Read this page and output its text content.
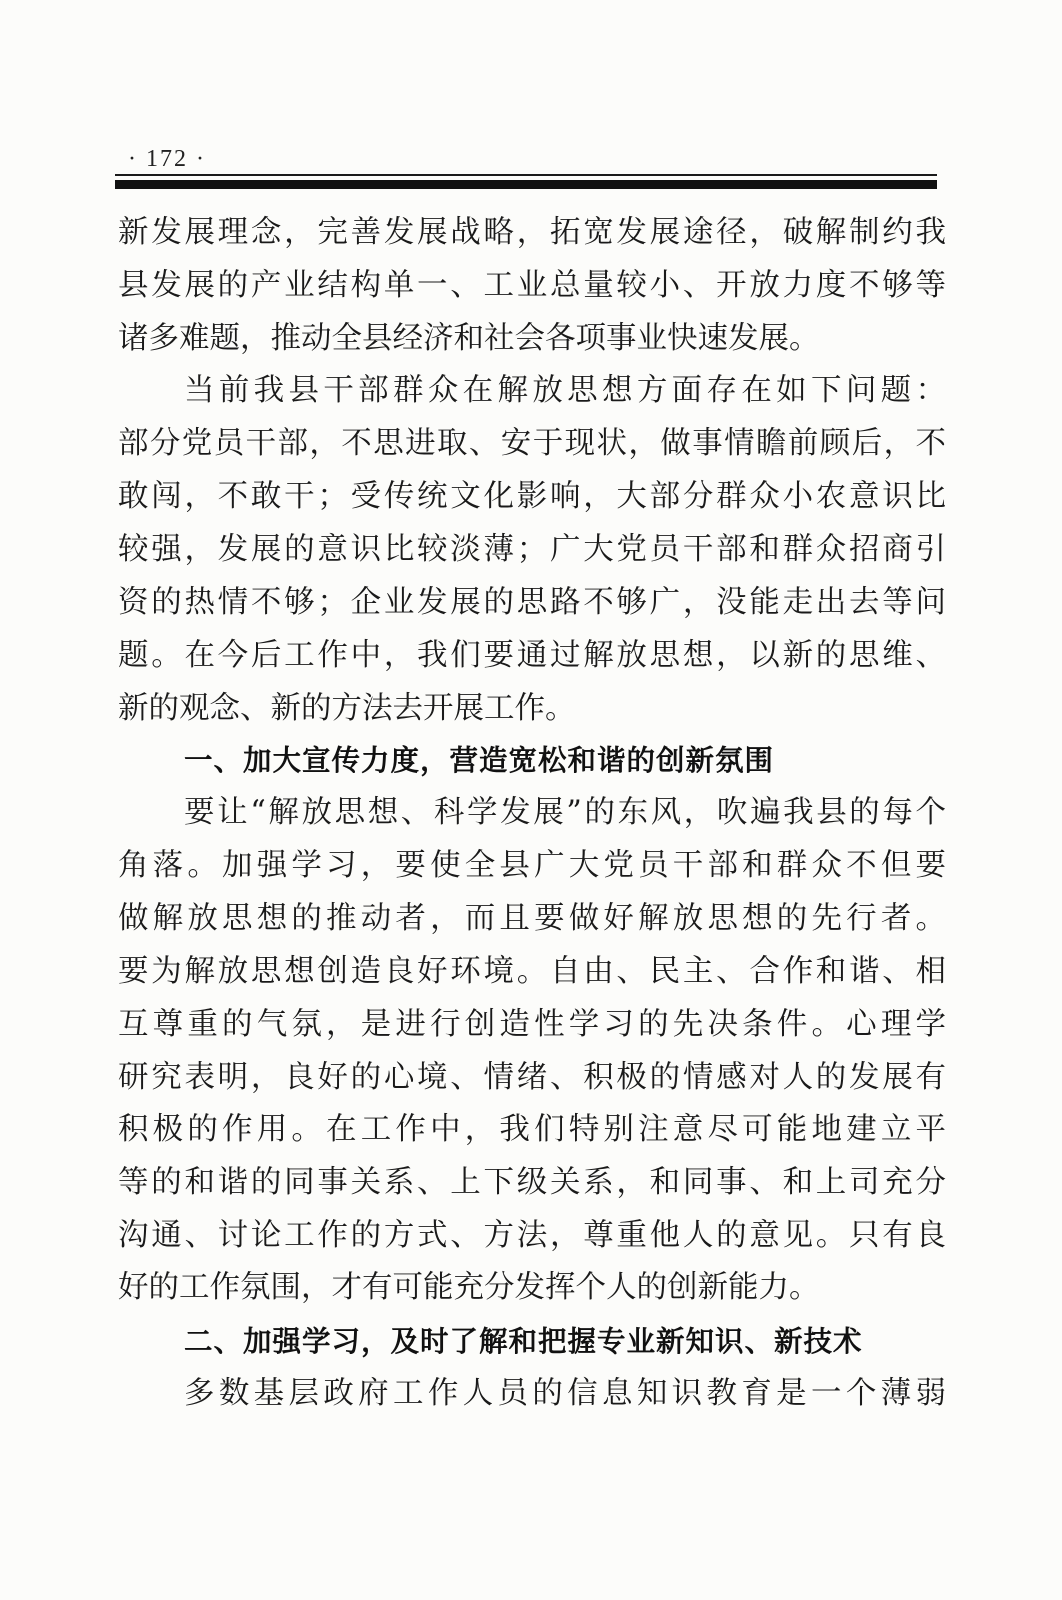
· 172 ·
新发展理念，完善发展战略，拓宽发展途径，破解制约我
县发展的产业结构单一、工业总量较小、开放力度不够等
诸多难题，推动全县经济和社会各项事业快速发展。
当前我县干部群众在解放思想方面存在如下问题：
部分党员干部，不思进取、安于现状，做事情瞻前顾后，不
敢闯，不敢干；受传统文化影响，大部分群众小农意识比
较强，发展的意识比较淡薄；广大党员干部和群众招商引
资的热情不够；企业发展的思路不够广，没能走出去等问
题。在今后工作中，我们要通过解放思想，以新的思维、
新的观念、新的方法去开展工作。
一、加大宣传力度，营造宽松和谐的创新氛围
要让“解放思想、科学发展”的东风，吹遍我县的每个
角落。加强学习，要使全县广大党员干部和群众不但要
做解放思想的推动者，而且要做好解放思想的先行者。
要为解放思想创造良好环境。自由、民主、合作和谐、相
互尊重的气氛，是进行创造性学习的先决条件。心理学
研究表明，良好的心境、情绪、积极的情感对人的发展有
积极的作用。在工作中，我们特别注意尽可能地建立平
等的和谐的同事关系、上下级关系，和同事、和上司充分
沟通、讨论工作的方式、方法，尊重他人的意见。只有良
好的工作氛围，才有可能充分发挥个人的创新能力。
二、加强学习，及时了解和把握专业新知识、新技术
多数基层政府工作人员的信息知识教育是一个薄弱
